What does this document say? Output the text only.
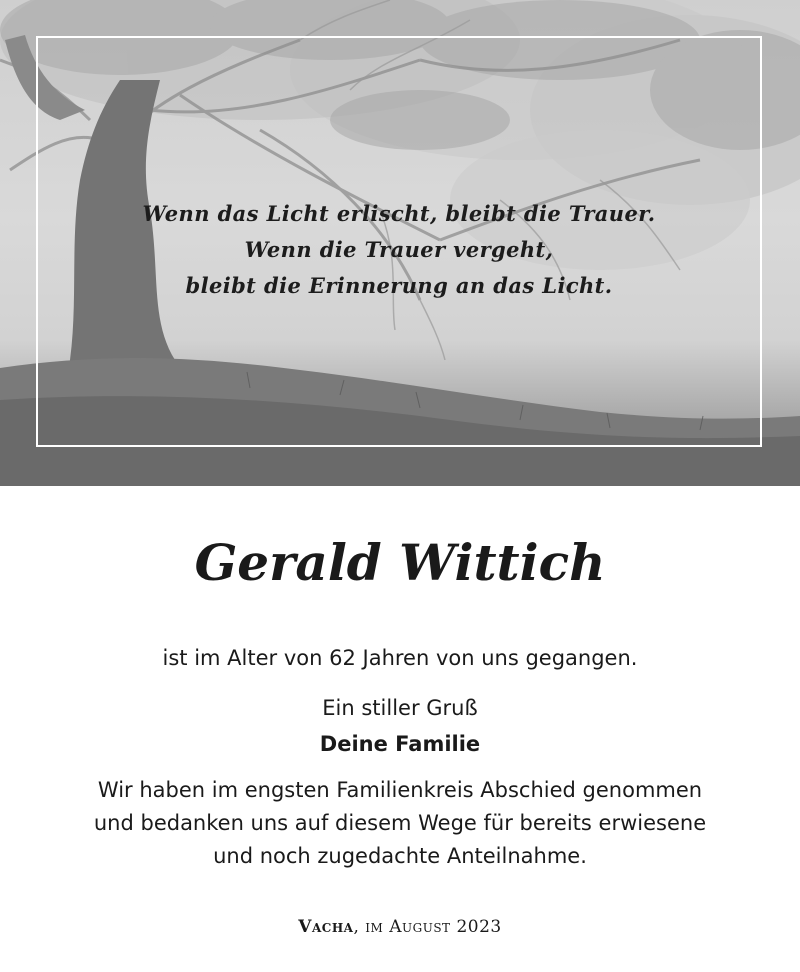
Wenn das Licht erlischt, bleibt die Trauer.
Wenn die Trauer vergeht,
bleibt die Erinnerung an das Licht.
Gerald Wittich
ist im Alter von 62 Jahren von uns gegangen.
Ein stiller Gruß
Deine Familie
Wir haben im engsten Familienkreis Abschied genommen
und bedanken uns auf diesem Wege für bereits erwiesene
und noch zugedachte Anteilnahme.
Vacha, im August 2023
